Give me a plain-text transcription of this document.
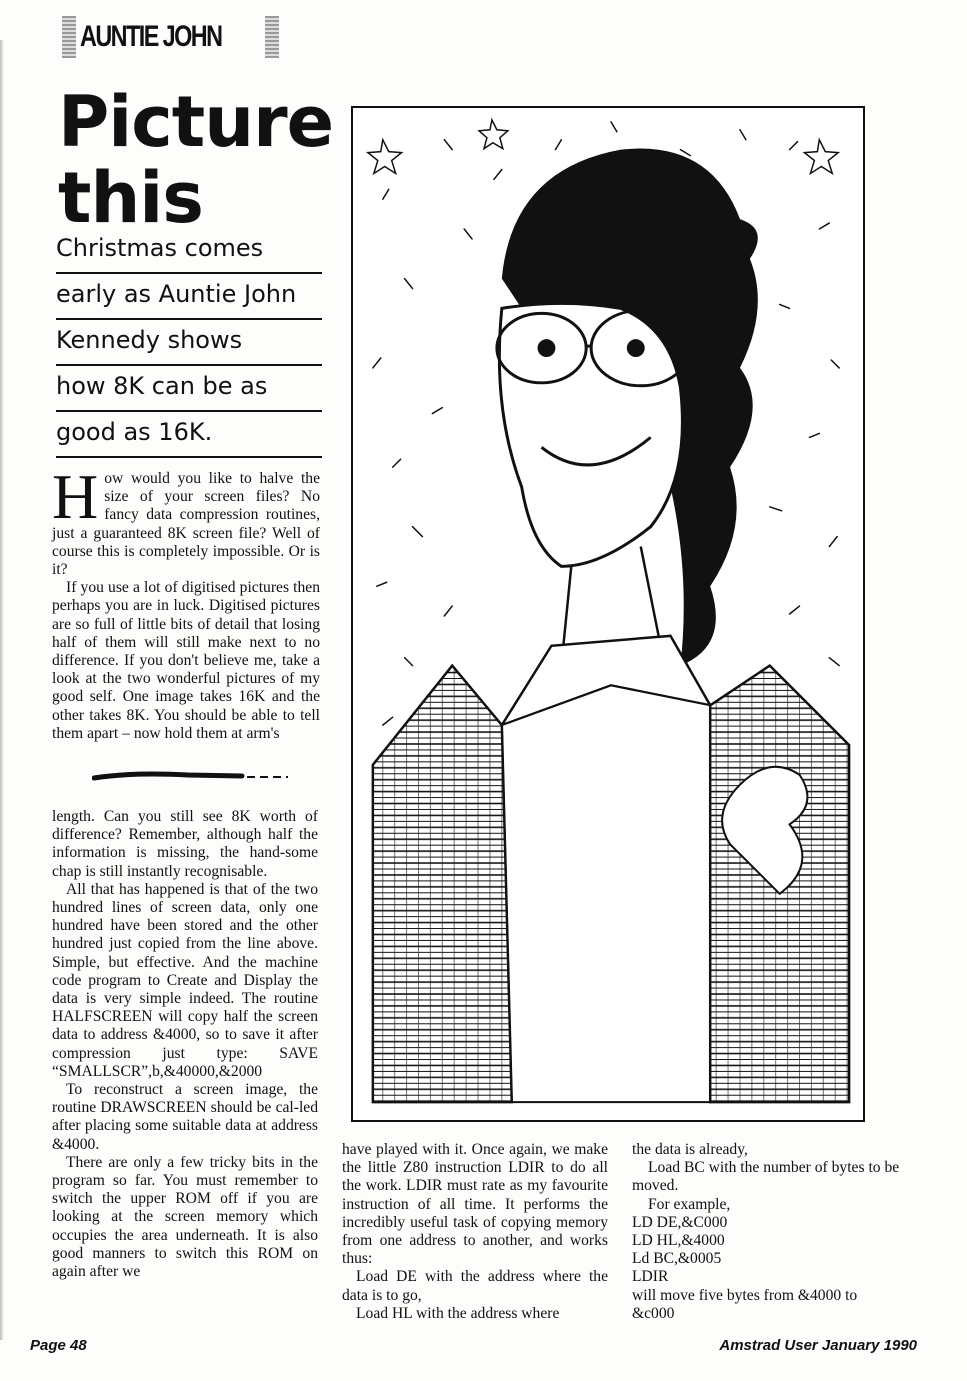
AUNTIE JOHN
Picture this
Christmas comes
early as Auntie John
Kennedy shows
how 8K can be as
good as 16K.

How would you like to halve the size of your screen files? No fancy data compression routines, just a guaranteed 8K screen file? Well of course this is completely impossible. Or is it?

If you use a lot of digitised pictures then perhaps you are in luck. Digitised pictures are so full of little bits of detail that losing half of them will still make next to no difference. If you don't believe me, take a look at the two wonderful pictures of my good self. One image takes 16K and the other takes 8K. You should be able to tell them apart – now hold them at arm's

length. Can you still see 8K worth of difference? Remember, although half the information is missing, the hand-some chap is still instantly recognisable.

All that has happened is that of the two hundred lines of screen data, only one hundred have been stored and the other hundred just copied from the line above. Simple, but effective. And the machine code program to Create and Display the data is very simple indeed. The routine HALFSCREEN will copy half the screen data to address &4000, so to save it after compression just type: SAVE “SMALLSCR”,b,&40000,&2000

To reconstruct a screen image, the routine DRAWSCREEN should be cal-led after placing some suitable data at address &4000.

There are only a few tricky bits in the program so far. You must remember to switch the upper ROM off if you are looking at the screen memory which occupies the area underneath. It is also good manners to switch this ROM on again after we

have played with it. Once again, we make the little Z80 instruction LDIR to do all the work. LDIR must rate as my favourite instruction of all time. It performs the incredibly useful task of copying memory from one address to another, and works thus:

Load DE with the address where the data is to go,

Load HL with the address where

the data is already,

Load BC with the number of bytes to be moved.

For example,

LD DE,&C000
LD HL,&4000
Ld BC,&0005
LDIR

will move five bytes from &4000 to &c000

Page 48	Amstrad User January 1990
